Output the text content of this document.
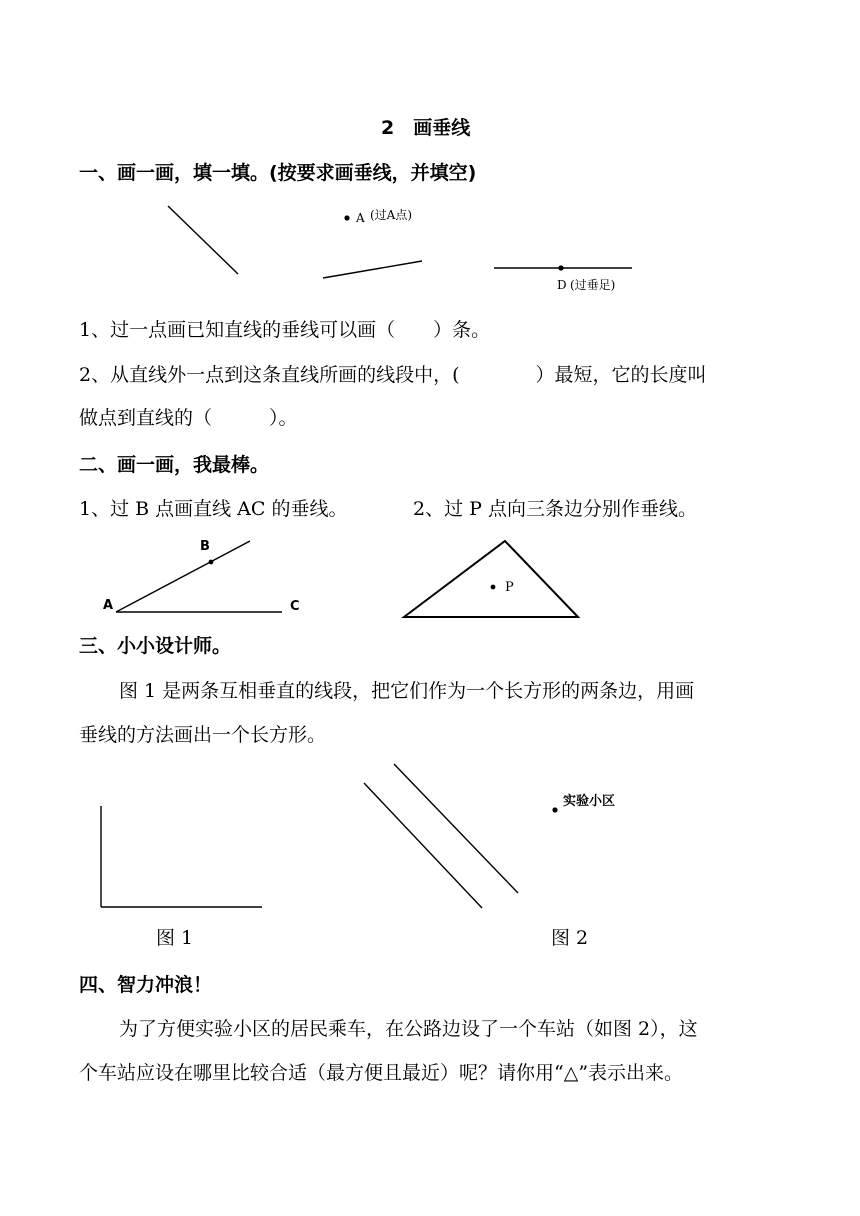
2　画垂线
一、画一画，填一填。(按要求画垂线，并填空)
A (过A点)
D (过垂足)
1、过一点画已知直线的垂线可以画（　　）条。
2、从直线外一点到这条直线所画的线段中，(　　　　）最短，它的长度叫
做点到直线的（　　　）。
二、画一画，我最棒。
1、过 B 点画直线 AC 的垂线。	2、过 P 点向三条边分别作垂线。
B
A	C
P
三、小小设计师。
图 1 是两条互相垂直的线段，把它们作为一个长方形的两条边，用画
垂线的方法画出一个长方形。
实验小区
图 1	图 2
四、智力冲浪！
为了方便实验小区的居民乘车，在公路边设了一个车站（如图 2），这
个车站应设在哪里比较合适（最方便且最近）呢？请你用“△”表示出来。
